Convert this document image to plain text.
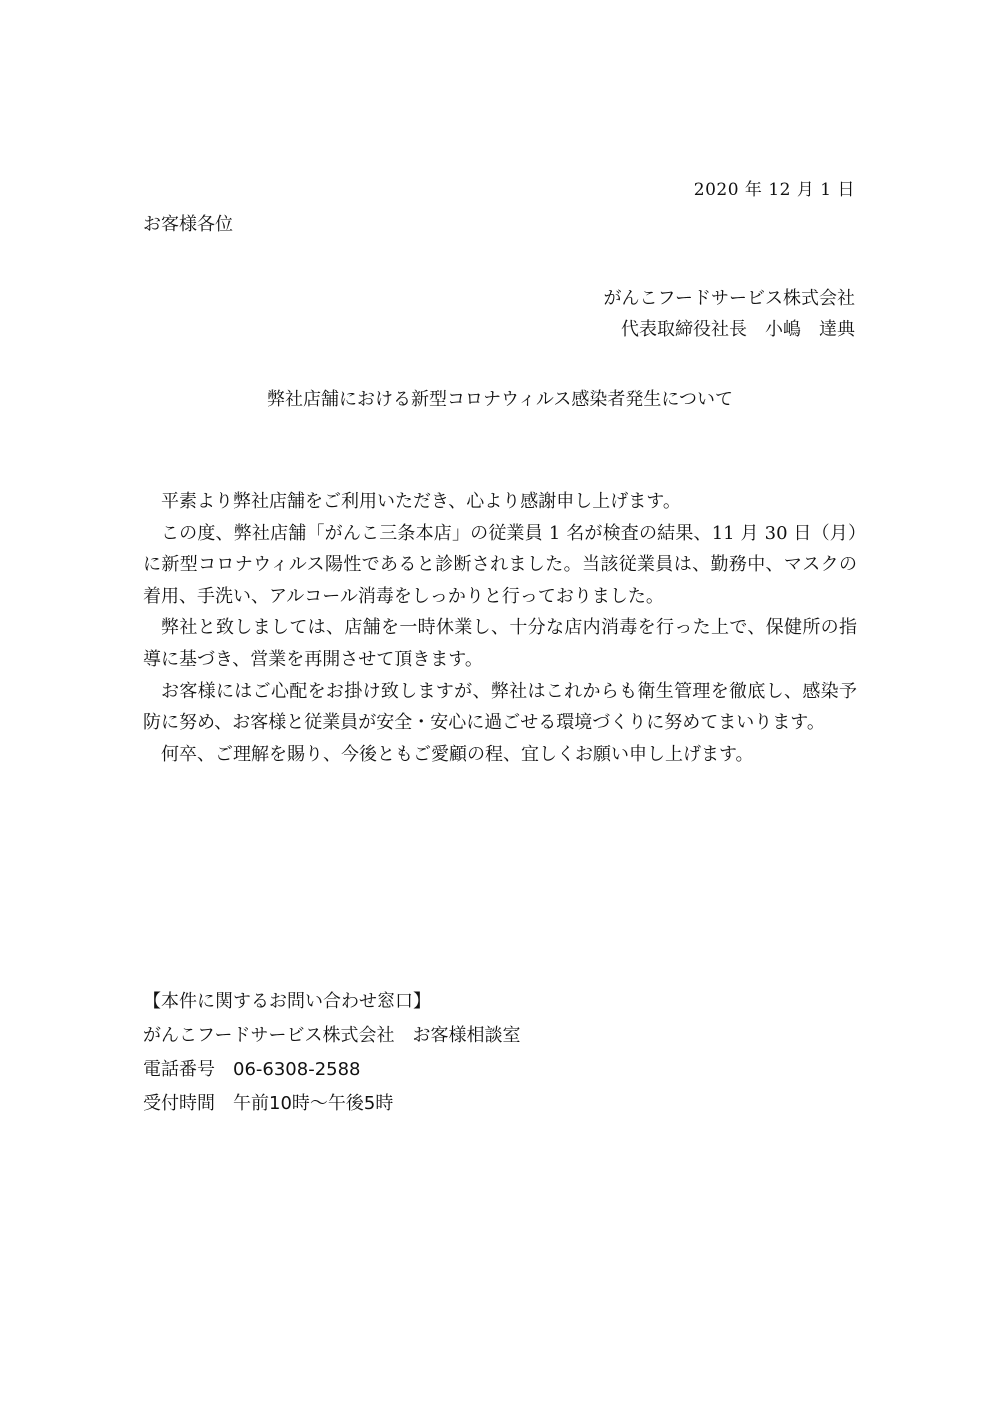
2020 年 12 月 1 日
お客様各位
がんこフードサービス株式会社
代表取締役社長　小嶋　達典
弊社店舗における新型コロナウィルス感染者発生について

平素より弊社店舗をご利用いただき、心より感謝申し上げます。

この度、弊社店舗「がんこ三条本店」の従業員 1 名が検査の結果、11 月 30 日（月）に新型コロナウィルス陽性であると診断されました。当該従業員は、勤務中、マスクの着用、手洗い、アルコール消毒をしっかりと行っておりました。

弊社と致しましては、店舗を一時休業し、十分な店内消毒を行った上で、保健所の指導に基づき、営業を再開させて頂きます。

お客様にはご心配をお掛け致しますが、弊社はこれからも衛生管理を徹底し、感染予防に努め、お客様と従業員が安全・安心に過ごせる環境づくりに努めてまいります。

何卒、ご理解を賜り、今後ともご愛顧の程、宜しくお願い申し上げます。

【本件に関するお問い合わせ窓口】
がんこフードサービス株式会社　お客様相談室
電話番号　06-6308-2588
受付時間　午前10時～午後5時
